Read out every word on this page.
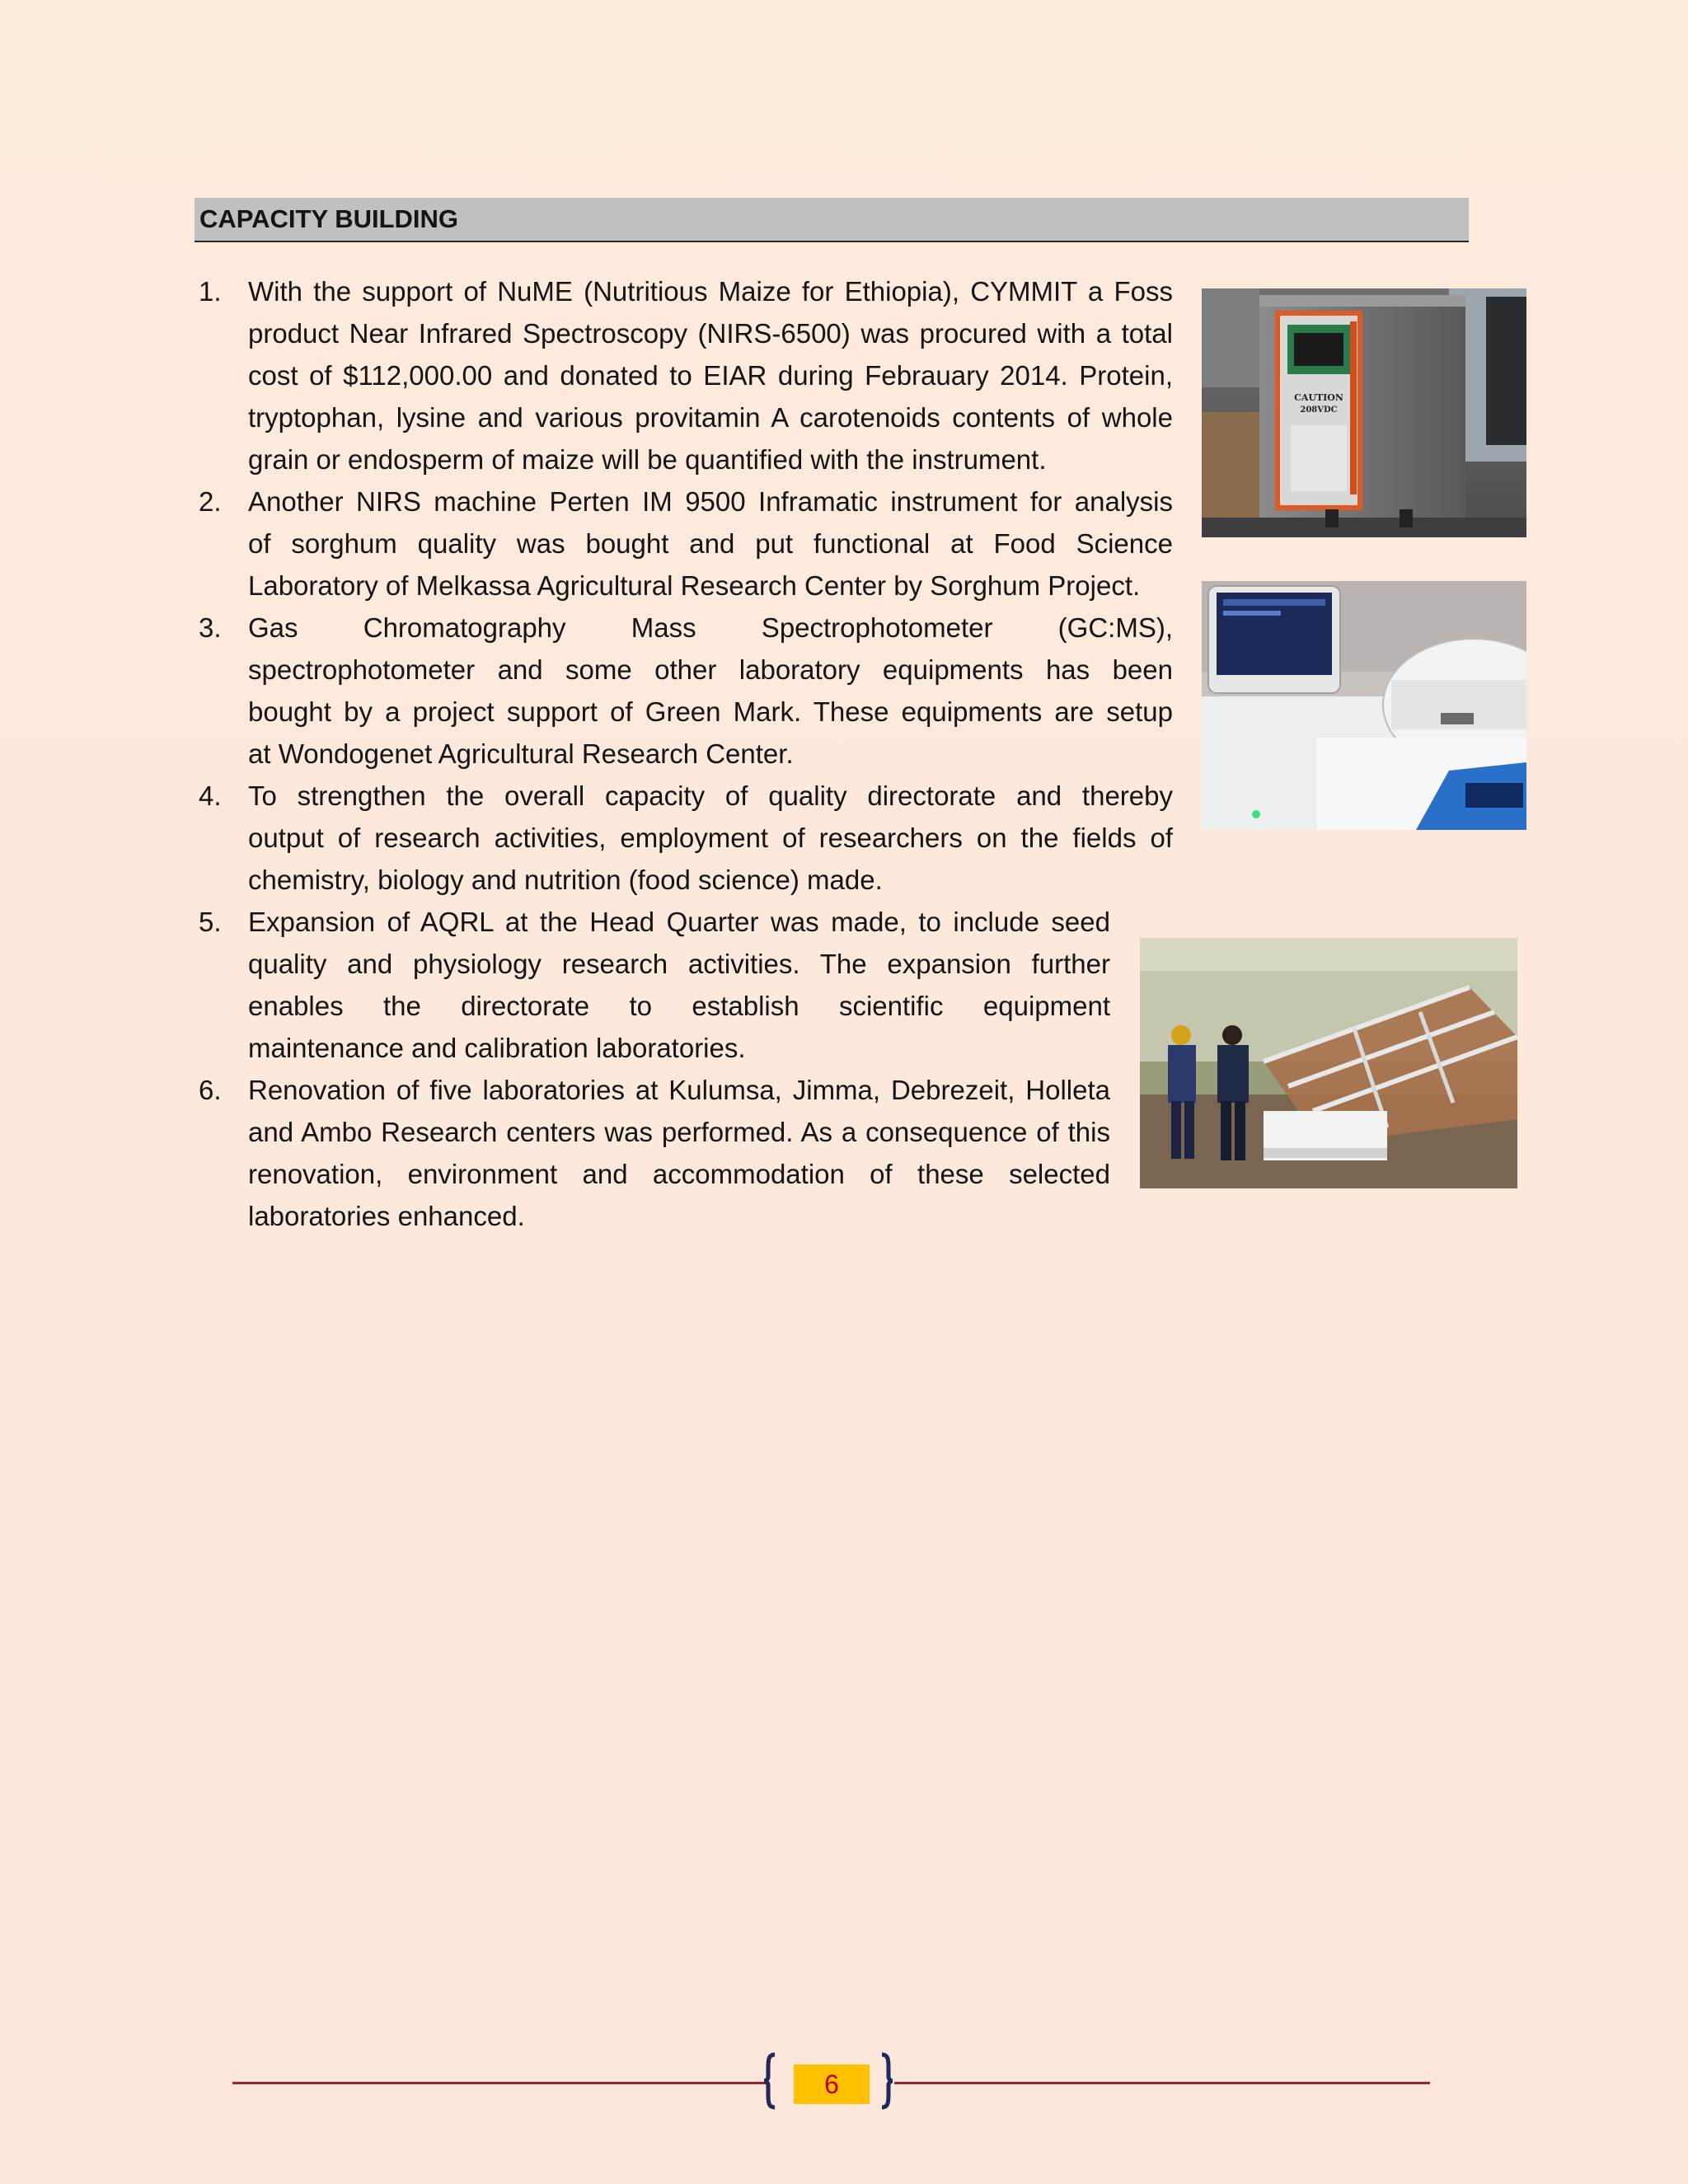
CAPACITY BUILDING
1. With the support of NuME (Nutritious Maize for Ethiopia), CYMMIT a Foss
product Near Infrared Spectroscopy (NIRS-6500) was procured with a total
cost of $112,000.00 and donated to EIAR during Febrauary 2014. Protein,
tryptophan, lysine and various provitamin A carotenoids contents of whole
grain or endosperm of maize will be quantified with the instrument.
2. Another NIRS machine Perten IM 9500 Inframatic instrument for analysis
of sorghum quality was bought and put functional at Food Science
Laboratory of Melkassa Agricultural Research Center by Sorghum Project.
3. Gas Chromatography Mass Spectrophotometer (GC:MS),
spectrophotometer and some other laboratory equipments has been
bought by a project support of Green Mark. These equipments are setup
at Wondogenet Agricultural Research Center.
4. To strengthen the overall capacity of quality directorate and thereby
output of research activities, employment of researchers on the fields of
chemistry, biology and nutrition (food science) made.
5. Expansion of AQRL at the Head Quarter was made, to include seed
quality and physiology research activities. The expansion further
enables the directorate to establish scientific equipment
maintenance and calibration laboratories.
6. Renovation of five laboratories at Kulumsa, Jimma, Debrezeit, Holleta
and Ambo Research centers was performed. As a consequence of this
renovation, environment and accommodation of these selected
laboratories enhanced.
CAUTION
208VDC
6
